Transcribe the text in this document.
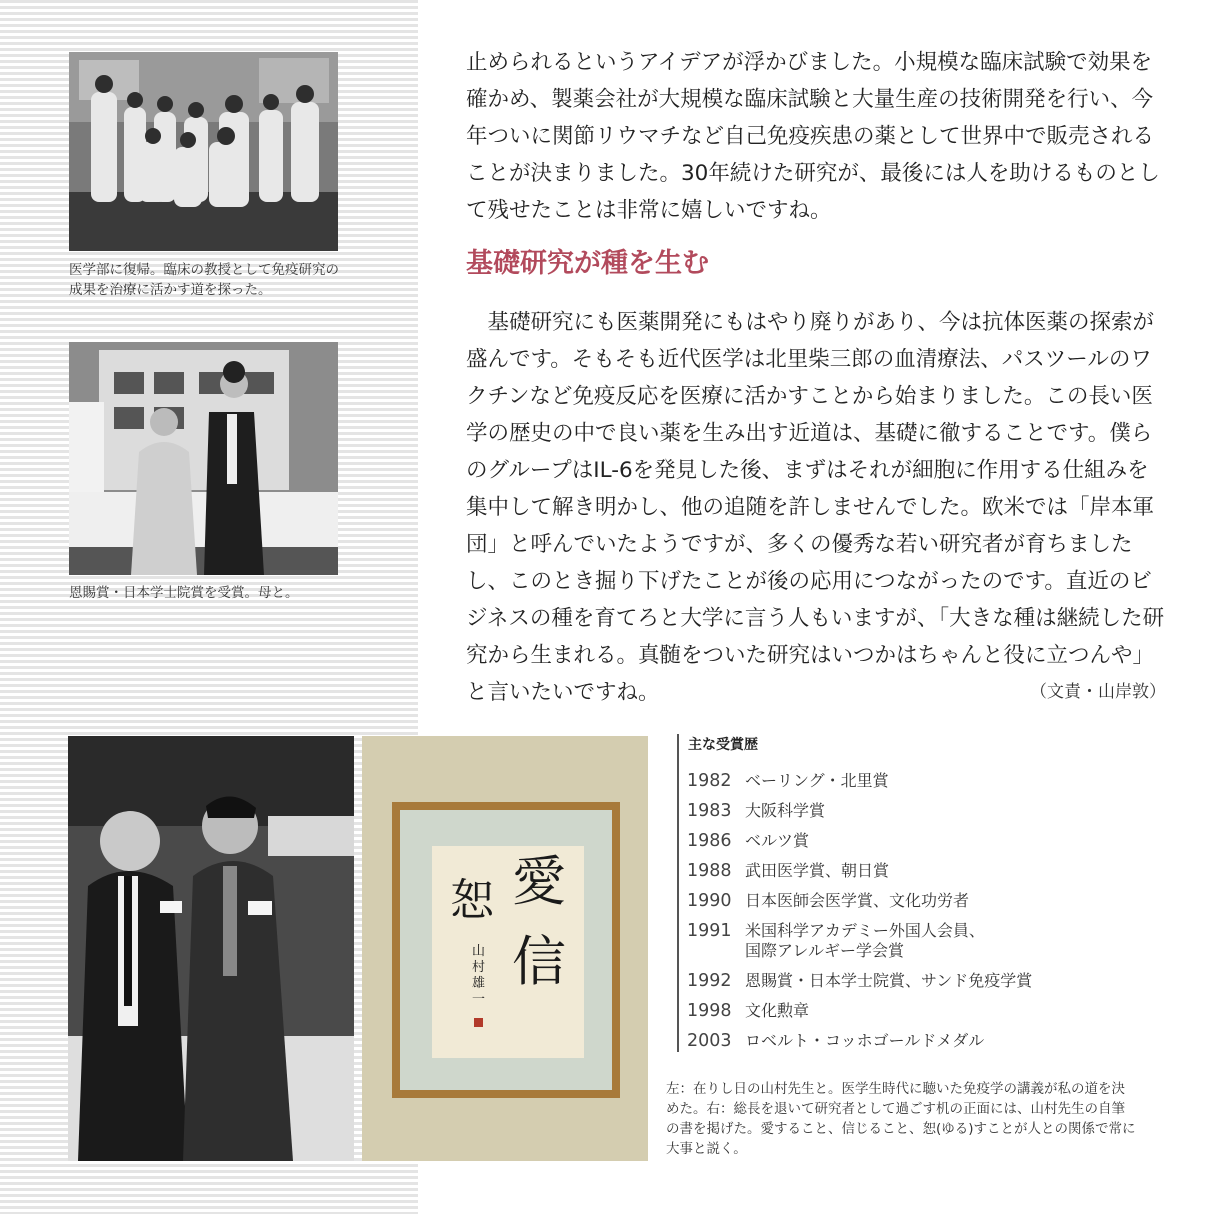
医学部に復帰。臨床の教授として免疫研究の成果を治療に活かす道を探った。
恩賜賞・日本学士院賞を受賞。母と。

止められるというアイデアが浮かびました。小規模な臨床試験で効果を確かめ、製薬会社が大規模な臨床試験と大量生産の技術開発を行い、今年ついに関節リウマチなど自己免疫疾患の薬として世界中で販売されることが決まりました。30年続けた研究が、最後には人を助けるものとして残せたことは非常に嬉しいですね。

基礎研究が種を生む

基礎研究にも医薬開発にもはやり廃りがあり、今は抗体医薬の探索が盛んです。そもそも近代医学は北里柴三郎の血清療法、パスツールのワクチンなど免疫反応を医療に活かすことから始まりました。この長い医学の歴史の中で良い薬を生み出す近道は、基礎に徹することです。僕らのグループはIL-6を発見した後、まずはそれが細胞に作用する仕組みを集中して解き明かし、他の追随を許しませんでした。欧米では「岸本軍団」と呼んでいたようですが、多くの優秀な若い研究者が育ちましたし、このとき掘り下げたことが後の応用につながったのです。直近のビジネスの種を育てろと大学に言う人もいますが、「大きな種は継続した研究から生まれる。真髄をついた研究はいつかはちゃんと役に立つんや」と言いたいですね。	（文責・山岸敦）

愛
信
恕
山村雄一

主な受賞歴

1982 ベーリング・北里賞
1983 大阪科学賞
1986 ベルツ賞
1988 武田医学賞、朝日賞
1990 日本医師会医学賞、文化功労者
1991 米国科学アカデミー外国人会員、
国際アレルギー学会賞
1992 恩賜賞・日本学士院賞、サンド免疫学賞
1998 文化勲章
2003 ロベルト・コッホゴールドメダル
左：在りし日の山村先生と。医学生時代に聴いた免疫学の講義が私の道を決めた。右：総長を退いて研究者として過ごす机の正面には、山村先生の自筆の書を掲げた。愛すること、信じること、恕(ゆる)すことが人との関係で常に大事と説く。
